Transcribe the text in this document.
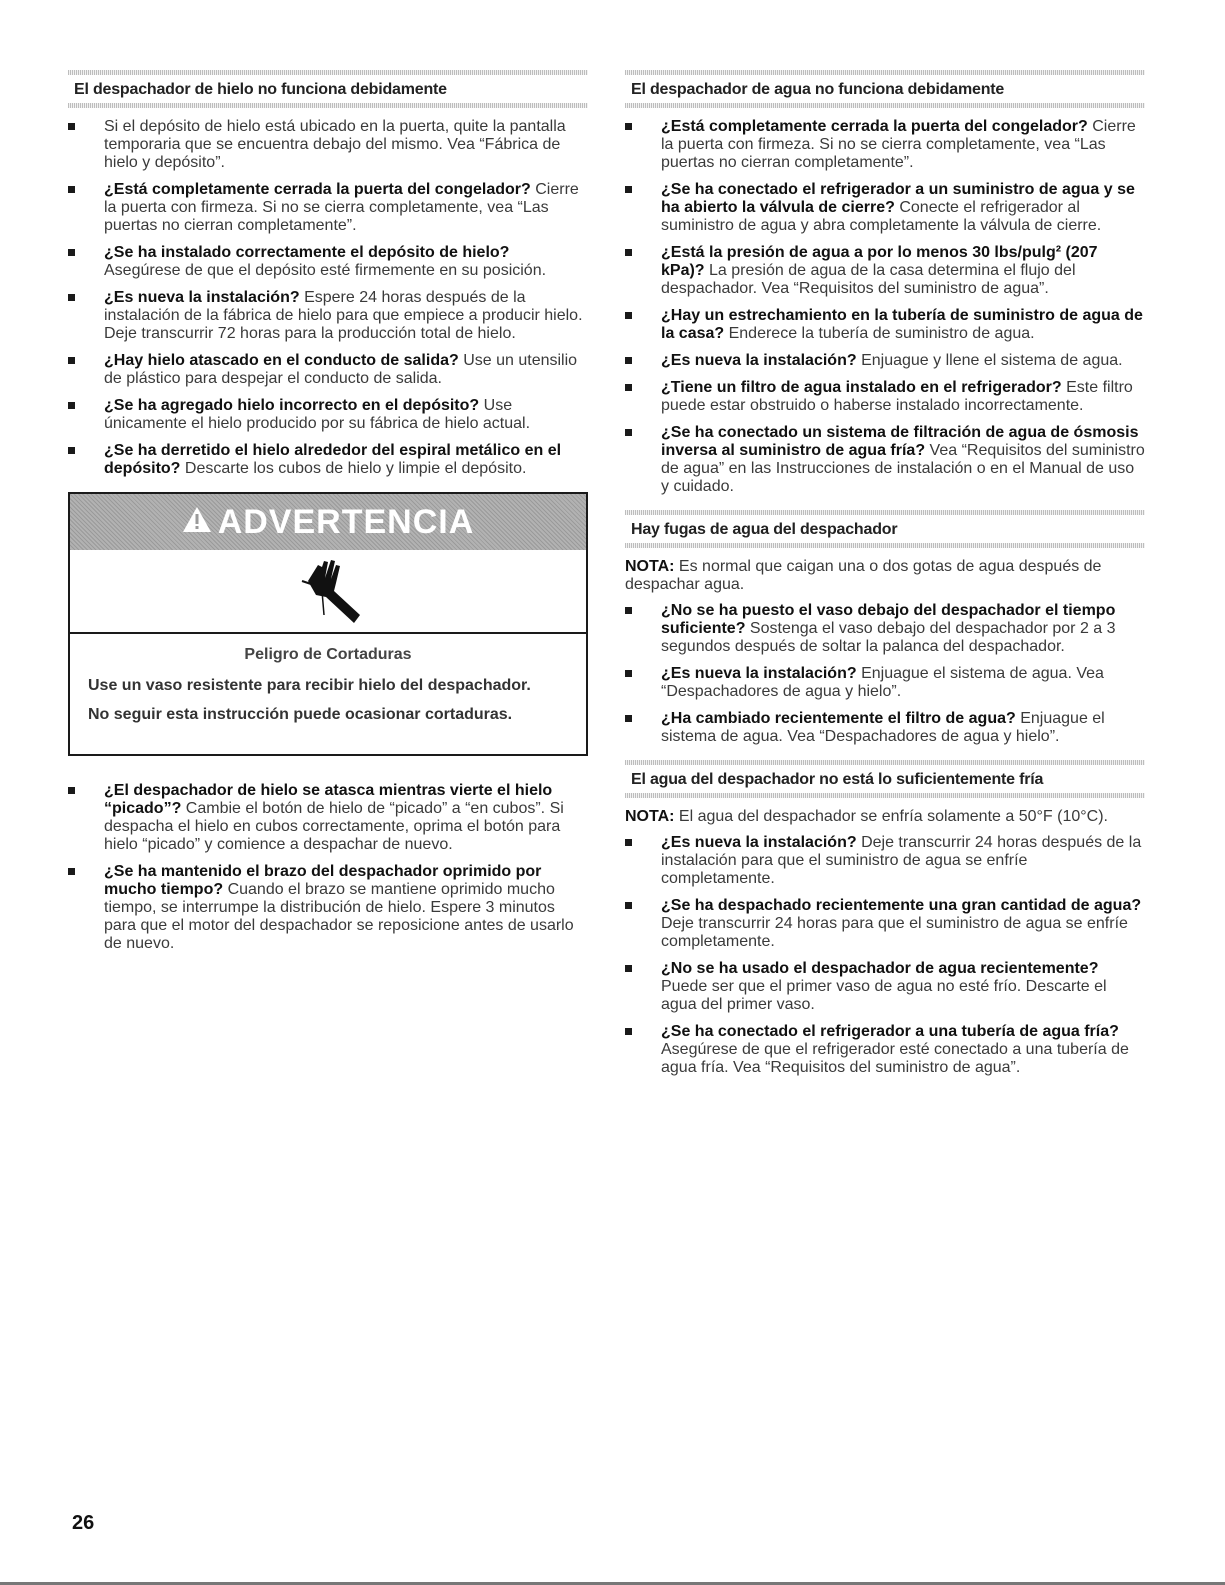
El despachador de hielo no funciona debidamente
Si el depósito de hielo está ubicado en la puerta, quite la pantalla temporaria que se encuentra debajo del mismo. Vea “Fábrica de hielo y depósito”.
¿Está completamente cerrada la puerta del congelador? Cierre la puerta con firmeza. Si no se cierra completamente, vea “Las puertas no cierran completamente”.
¿Se ha instalado correctamente el depósito de hielo? Asegúrese de que el depósito esté firmemente en su posición.
¿Es nueva la instalación? Espere 24 horas después de la instalación de la fábrica de hielo para que empiece a producir hielo. Deje transcurrir 72 horas para la producción total de hielo.
¿Hay hielo atascado en el conducto de salida? Use un utensilio de plástico para despejar el conducto de salida.
¿Se ha agregado hielo incorrecto en el depósito? Use únicamente el hielo producido por su fábrica de hielo actual.
¿Se ha derretido el hielo alrededor del espiral metálico en el depósito? Descarte los cubos de hielo y limpie el depósito.
ADVERTENCIA
Peligro de Cortaduras
Use un vaso resistente para recibir hielo del despachador.
No seguir esta instrucción puede ocasionar cortaduras.
¿El despachador de hielo se atasca mientras vierte el hielo “picado”? Cambie el botón de hielo de “picado” a “en cubos”. Si despacha el hielo en cubos correctamente, oprima el botón para hielo “picado” y comience a despachar de nuevo.
¿Se ha mantenido el brazo del despachador oprimido por mucho tiempo? Cuando el brazo se mantiene oprimido mucho tiempo, se interrumpe la distribución de hielo. Espere 3 minutos para que el motor del despachador se reposicione antes de usarlo de nuevo.
El despachador de agua no funciona debidamente
¿Está completamente cerrada la puerta del congelador? Cierre la puerta con firmeza. Si no se cierra completamente, vea “Las puertas no cierran completamente”.
¿Se ha conectado el refrigerador a un suministro de agua y se ha abierto la válvula de cierre? Conecte el refrigerador al suministro de agua y abra completamente la válvula de cierre.
¿Está la presión de agua a por lo menos 30 lbs/pulg² (207 kPa)? La presión de agua de la casa determina el flujo del despachador. Vea “Requisitos del suministro de agua”.
¿Hay un estrechamiento en la tubería de suministro de agua de la casa? Enderece la tubería de suministro de agua.
¿Es nueva la instalación? Enjuague y llene el sistema de agua.
¿Tiene un filtro de agua instalado en el refrigerador? Este filtro puede estar obstruido o haberse instalado incorrectamente.
¿Se ha conectado un sistema de filtración de agua de ósmosis inversa al suministro de agua fría? Vea “Requisitos del suministro de agua” en las Instrucciones de instalación o en el Manual de uso y cuidado.
Hay fugas de agua del despachador
NOTA: Es normal que caigan una o dos gotas de agua después de despachar agua.
¿No se ha puesto el vaso debajo del despachador el tiempo suficiente? Sostenga el vaso debajo del despachador por 2 a 3 segundos después de soltar la palanca del despachador.
¿Es nueva la instalación? Enjuague el sistema de agua. Vea “Despachadores de agua y hielo”.
¿Ha cambiado recientemente el filtro de agua? Enjuague el sistema de agua. Vea “Despachadores de agua y hielo”.
El agua del despachador no está lo suficientemente fría
NOTA: El agua del despachador se enfría solamente a 50°F (10°C).
¿Es nueva la instalación? Deje transcurrir 24 horas después de la instalación para que el suministro de agua se enfríe completamente.
¿Se ha despachado recientemente una gran cantidad de agua? Deje transcurrir 24 horas para que el suministro de agua se enfríe completamente.
¿No se ha usado el despachador de agua recientemente? Puede ser que el primer vaso de agua no esté frío. Descarte el agua del primer vaso.
¿Se ha conectado el refrigerador a una tubería de agua fría? Asegúrese de que el refrigerador esté conectado a una tubería de agua fría. Vea “Requisitos del suministro de agua”.
26
